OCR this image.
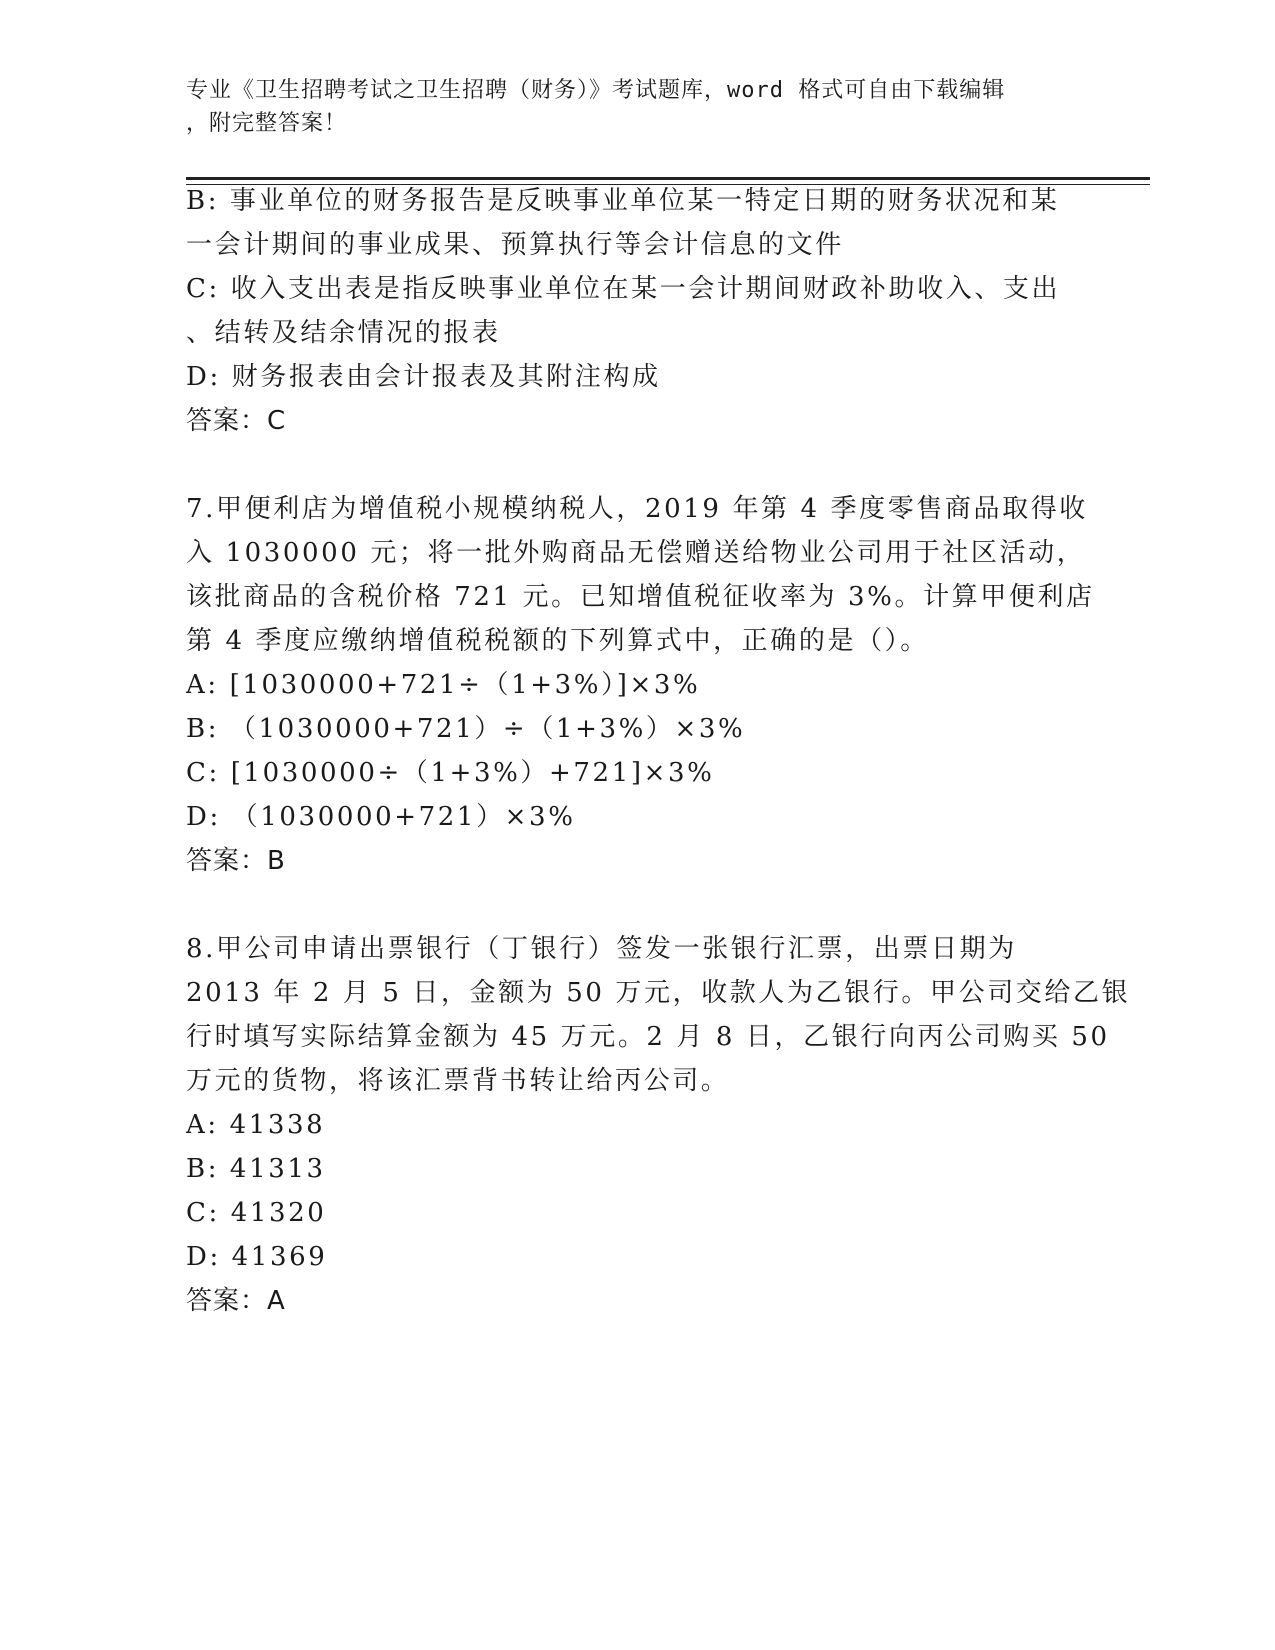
专业《卫生招聘考试之卫生招聘（财务）》考试题库，word 格式可自由下载编辑
，附完整答案！
B: 事业单位的财务报告是反映事业单位某一特定日期的财务状况和某
一会计期间的事业成果、预算执行等会计信息的文件
C: 收入支出表是指反映事业单位在某一会计期间财政补助收入、支出
、结转及结余情况的报表
D: 财务报表由会计报表及其附注构成
答案：C
7.甲便利店为增值税小规模纳税人，2019 年第 4 季度零售商品取得收
入 1030000 元；将一批外购商品无偿赠送给物业公司用于社区活动，
该批商品的含税价格 721 元。已知增值税征收率为 3%。计算甲便利店
第 4 季度应缴纳增值税税额的下列算式中，正确的是（）。
A: [1030000+721÷（1+3%）]×3%
B: （1030000+721）÷（1+3%）×3%
C: [1030000÷（1+3%）+721]×3%
D: （1030000+721）×3%
答案：B
8.甲公司申请出票银行（丁银行）签发一张银行汇票，出票日期为
2013 年 2 月 5 日，金额为 50 万元，收款人为乙银行。甲公司交给乙银
行时填写实际结算金额为 45 万元。2 月 8 日，乙银行向丙公司购买 50
万元的货物，将该汇票背书转让给丙公司。
A: 41338
B: 41313
C: 41320
D: 41369
答案：A
